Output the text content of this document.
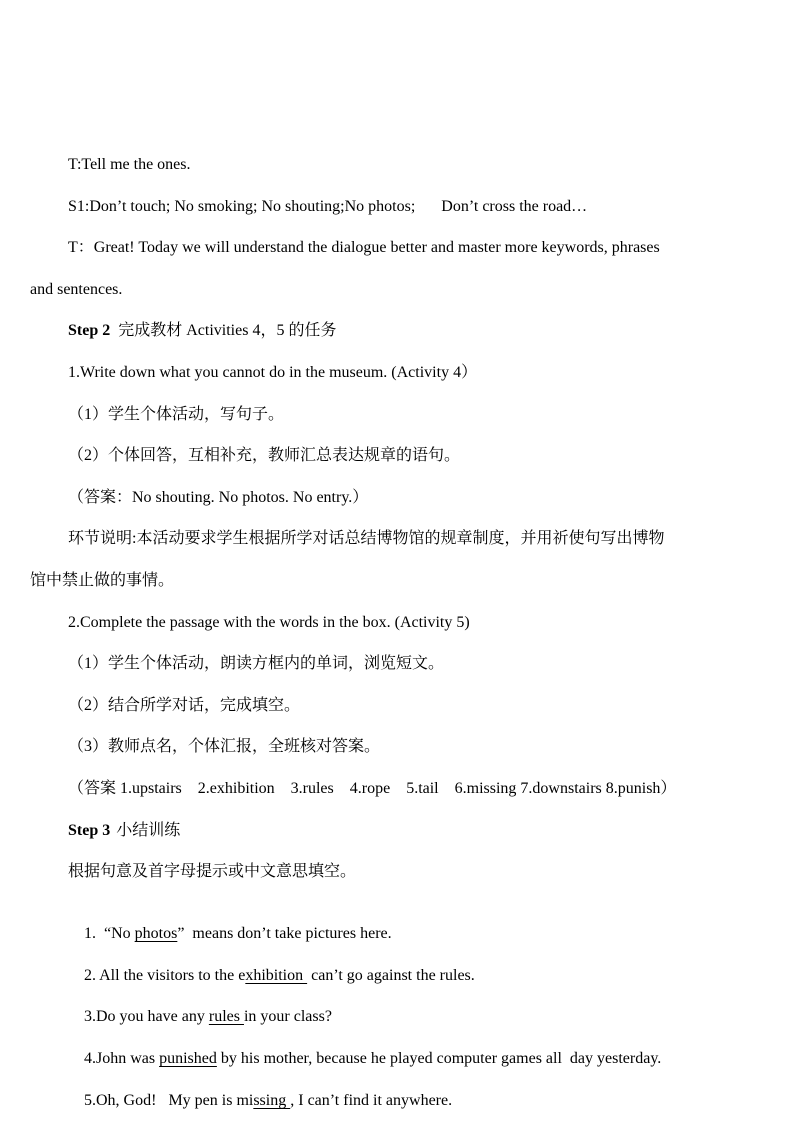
T:Tell me the ones.
S1:Don’t touch; No smoking; No shouting;No photos; Don’t cross the road…
T：Great! Today we will understand the dialogue better and master more keywords, phrases
and sentences.
Step 2 完成教材 Activities 4，5 的任务
1.Write down what you cannot do in the museum. (Activity 4）
（1）学生个体活动，写句子。
（2）个体回答，互相补充，教师汇总表达规章的语句。
（答案：No shouting. No photos. No entry.）
环节说明:本活动要求学生根据所学对话总结博物馆的规章制度，并用祈使句写出博物
馆中禁止做的事情。
2.Complete the passage with the words in the box. (Activity 5)
（1）学生个体活动，朗读方框内的单词，浏览短文。
（2）结合所学对话，完成填空。
（3）教师点名，个体汇报，全班核对答案。
（答案 1.upstairs    2.exhibition    3.rules    4.rope    5.tail    6.missing 7.downstairs 8.punish）
Step 3 小结训练
根据句意及首字母提示或中文意思填空。

1.  “No photos”  means don’t take pictures here.

2. All the visitors to the exhibition  can’t go against the rules.

3.Do you have any rules in your class?

4.John was punished by his mother, because he played computer games all  day yesterday.

5.Oh, God!   My pen is missing , I can’t find it anywhere.
